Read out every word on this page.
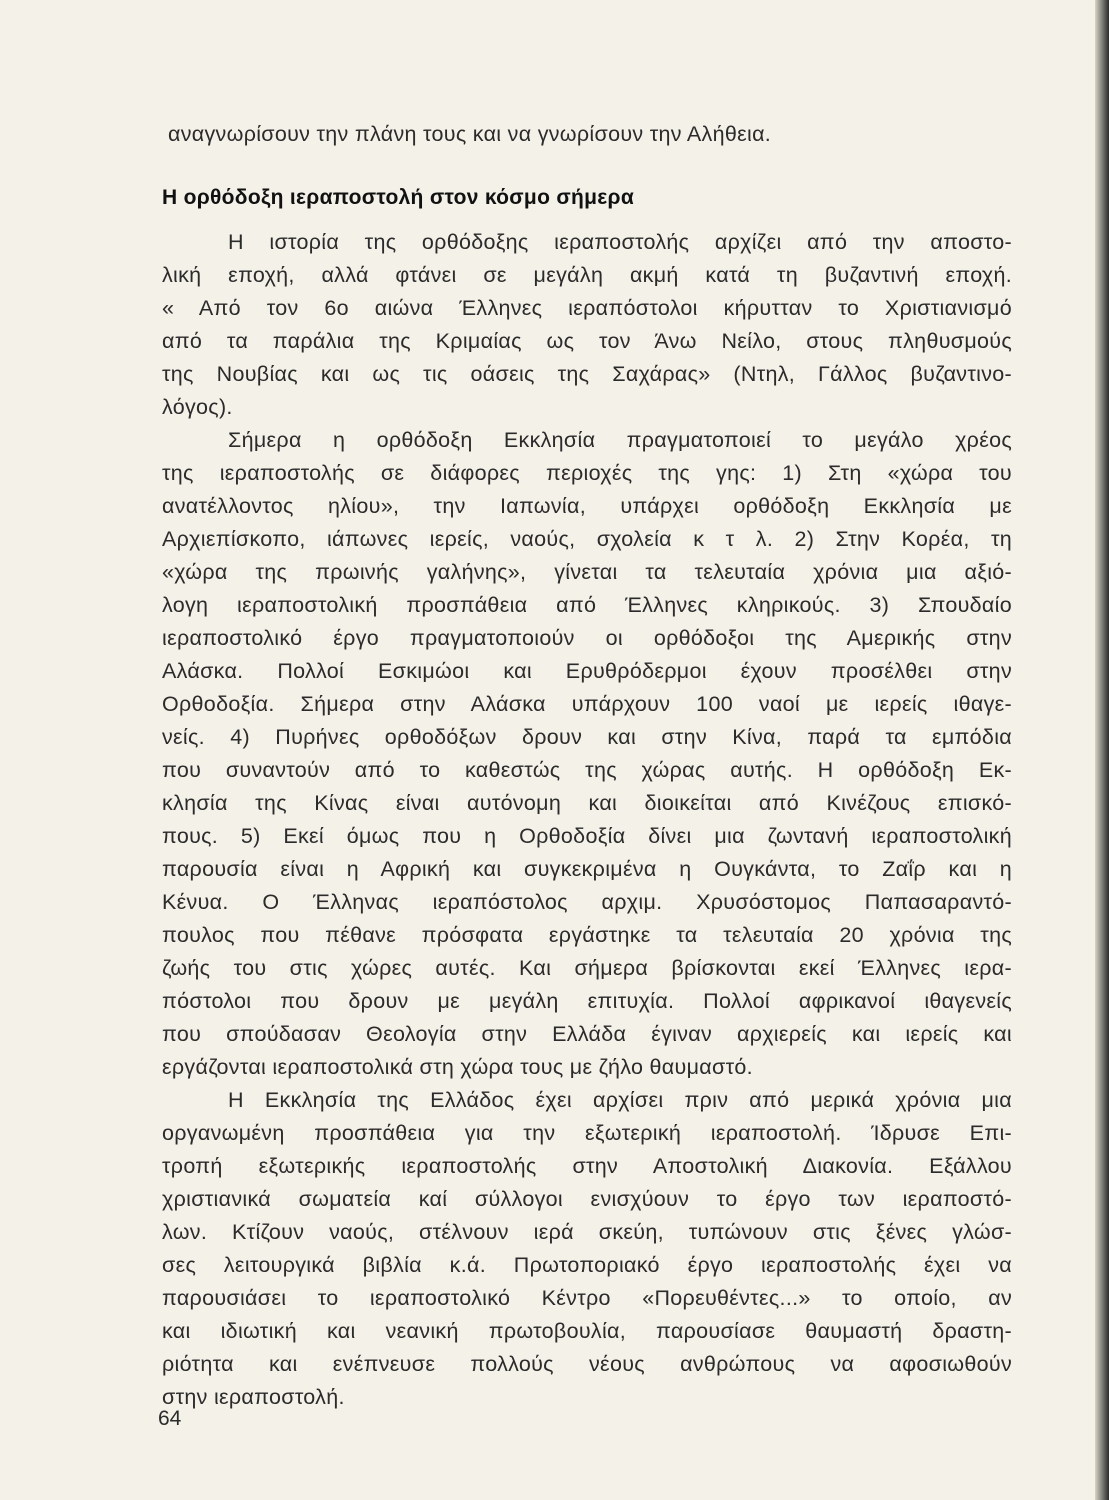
αναγνωρίσουν την πλάνη τους και να γνωρίσουν την Αλήθεια.
Η ορθόδοξη ιεραποστολή στον κόσμο σήμερα
Η ιστορία της ορθόδοξης ιεραποστολής αρχίζει από την αποστο-
λική εποχή, αλλά φτάνει σε μεγάλη ακμή κατά τη βυζαντινή εποχή.
« Από τον 6ο αιώνα Έλληνες ιεραπόστολοι κήρυτταν το Χριστιανισμό
από τα παράλια της Κριμαίας ως τον Άνω Νείλο, στους πληθυσμούς
της Νουβίας και ως τις οάσεις της Σαχάρας» (Ντηλ, Γάλλος βυζαντινο-
λόγος).
Σήμερα η ορθόδοξη Εκκλησία πραγματοποιεί το μεγάλο χρέος
της ιεραποστολής σε διάφορες περιοχές της γης: 1) Στη «χώρα του
ανατέλλοντος ηλίου», την Ιαπωνία, υπάρχει ορθόδοξη Εκκλησία με
Αρχιεπίσκοπο, ιάπωνες ιερείς, ναούς, σχολεία κ τ λ. 2) Στην Κορέα, τη
«χώρα της πρωινής γαλήνης», γίνεται τα τελευταία χρόνια μια αξιό-
λογη ιεραποστολική προσπάθεια από Έλληνες κληρικούς. 3) Σπουδαίο
ιεραποστολικό έργο πραγματοποιούν οι ορθόδοξοι της Αμερικής στην
Αλάσκα. Πολλοί Εσκιμώοι και Ερυθρόδερμοι έχουν προσέλθει στην
Ορθοδοξία. Σήμερα στην Αλάσκα υπάρχουν 100 ναοί με ιερείς ιθαγε-
νείς. 4) Πυρήνες ορθοδόξων δρουν και στην Κίνα, παρά τα εμπόδια
που συναντούν από το καθεστώς της χώρας αυτής. Η ορθόδοξη Εκ-
κλησία της Κίνας είναι αυτόνομη και διοικείται από Κινέζους επισκό-
πους. 5) Εκεί όμως που η Ορθοδοξία δίνει μια ζωντανή ιεραποστολική
παρουσία είναι η Αφρική και συγκεκριμένα η Ουγκάντα, το Ζαΐρ και η
Κένυα. Ο Έλληνας ιεραπόστολος αρχιμ. Χρυσόστομος Παπασαραντό-
πουλος που πέθανε πρόσφατα εργάστηκε τα τελευταία 20 χρόνια της
ζωής του στις χώρες αυτές. Και σήμερα βρίσκονται εκεί Έλληνες ιερα-
πόστολοι που δρουν με μεγάλη επιτυχία. Πολλοί αφρικανοί ιθαγενείς
που σπούδασαν Θεολογία στην Ελλάδα έγιναν αρχιερείς και ιερείς και
εργάζονται ιεραποστολικά στη χώρα τους με ζήλο θαυμαστό.
Η Εκκλησία της Ελλάδος έχει αρχίσει πριν από μερικά χρόνια μια
οργανωμένη προσπάθεια για την εξωτερική ιεραποστολή. Ίδρυσε Επι-
τροπή εξωτερικής ιεραποστολής στην Αποστολική Διακονία. Εξάλλου
χριστιανικά σωματεία καί σύλλογοι ενισχύουν το έργο των ιεραποστό-
λων. Κτίζουν ναούς, στέλνουν ιερά σκεύη, τυπώνουν στις ξένες γλώσ-
σες λειτουργικά βιβλία κ.ά. Πρωτοποριακό έργο ιεραποστολής έχει να
παρουσιάσει το ιεραποστολικό Κέντρο «Πορευθέντες...» το οποίο, αν
και ιδιωτική και νεανική πρωτοβουλία, παρουσίασε θαυμαστή δραστη-
ριότητα και ενέπνευσε πολλούς νέους ανθρώπους να αφοσιωθούν
στην ιεραποστολή.
64
